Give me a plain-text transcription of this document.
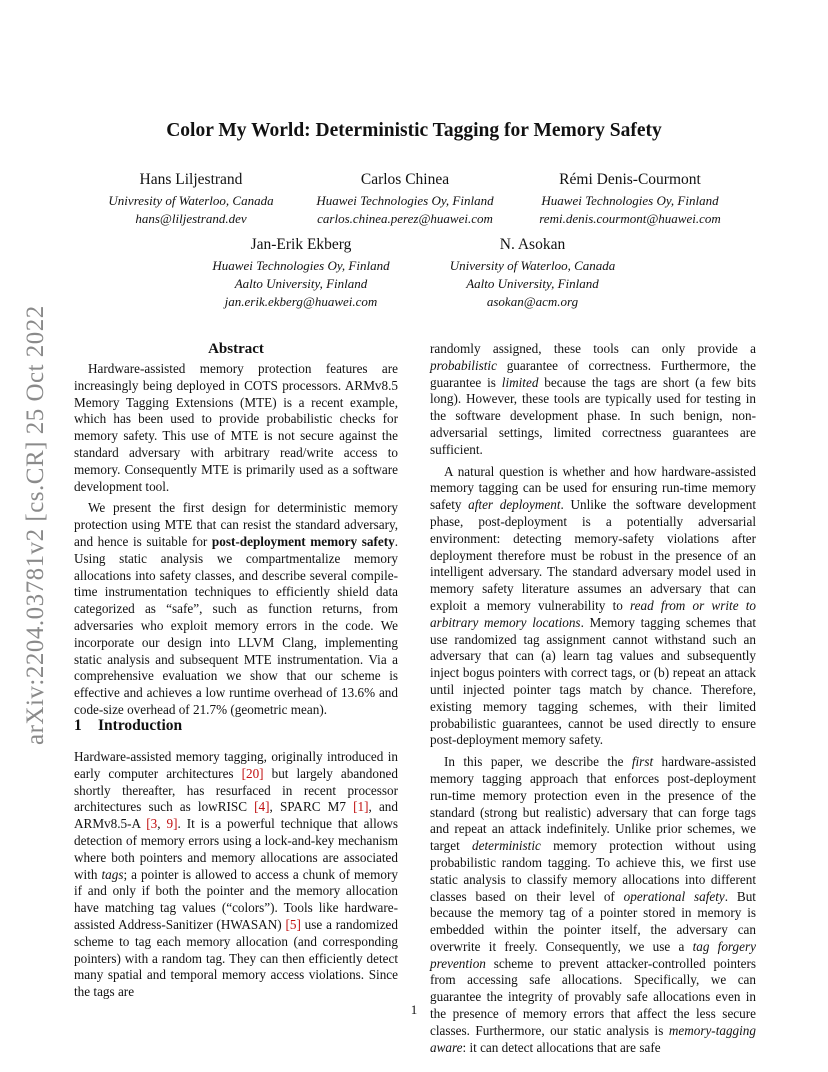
arXiv:2204.03781v2 [cs.CR] 25 Oct 2022
Color My World: Deterministic Tagging for Memory Safety
Hans Liljestrand
Univresity of Waterloo, Canada
hans@liljestrand.dev
Carlos Chinea
Huawei Technologies Oy, Finland
carlos.chinea.perez@huawei.com
Rémi Denis-Courmont
Huawei Technologies Oy, Finland
remi.denis.courmont@huawei.com
Jan-Erik Ekberg
Huawei Technologies Oy, Finland
Aalto University, Finland
jan.erik.ekberg@huawei.com
N. Asokan
University of Waterloo, Canada
Aalto University, Finland
asokan@acm.org
Abstract

Hardware-assisted memory protection features are increasingly being deployed in COTS processors. ARMv8.5 Memory Tagging Extensions (MTE) is a recent example, which has been used to provide probabilistic checks for memory safety. This use of MTE is not secure against the standard adversary with arbitrary read/write access to memory. Consequently MTE is primarily used as a software development tool.

We present the first design for deterministic memory protection using MTE that can resist the standard adversary, and hence is suitable for post-deployment memory safety. Using static analysis we compartmentalize memory allocations into safety classes, and describe several compile-time instrumentation techniques to efficiently shield data categorized as “safe”, such as function returns, from adversaries who exploit memory errors in the code. We incorporate our design into LLVM Clang, implementing static analysis and subsequent MTE instrumentation. Via a comprehensive evaluation we show that our scheme is effective and achieves a low runtime overhead of 13.6% and code-size overhead of 21.7% (geometric mean).

1 Introduction

Hardware-assisted memory tagging, originally introduced in early computer architectures [20] but largely abandoned shortly thereafter, has resurfaced in recent processor architectures such as lowRISC [4], SPARC M7 [1], and ARMv8.5-A [3, 9]. It is a powerful technique that allows detection of memory errors using a lock-and-key mechanism where both pointers and memory allocations are associated with tags; a pointer is allowed to access a chunk of memory if and only if both the pointer and the memory allocation have matching tag values (“colors”). Tools like hardware-assisted Address-Sanitizer (HWASAN) [5] use a randomized scheme to tag each memory allocation (and corresponding pointers) with a random tag. They can then efficiently detect many spatial and temporal memory access violations. Since the tags are

randomly assigned, these tools can only provide a probabilistic guarantee of correctness. Furthermore, the guarantee is limited because the tags are short (a few bits long). However, these tools are typically used for testing in the software development phase. In such benign, non-adversarial settings, limited correctness guarantees are sufficient.

A natural question is whether and how hardware-assisted memory tagging can be used for ensuring run-time memory safety after deployment. Unlike the software development phase, post-deployment is a potentially adversarial environment: detecting memory-safety violations after deployment therefore must be robust in the presence of an intelligent adversary. The standard adversary model used in memory safety literature assumes an adversary that can exploit a memory vulnerability to read from or write to arbitrary memory locations. Memory tagging schemes that use randomized tag assignment cannot withstand such an adversary that can (a) learn tag values and subsequently inject bogus pointers with correct tags, or (b) repeat an attack until injected pointer tags match by chance. Therefore, existing memory tagging schemes, with their limited probabilistic guarantees, cannot be used directly to ensure post-deployment memory safety.

In this paper, we describe the first hardware-assisted memory tagging approach that enforces post-deployment run-time memory protection even in the presence of the standard (strong but realistic) adversary that can forge tags and repeat an attack indefinitely. Unlike prior schemes, we target deterministic memory protection without using probabilistic random tagging. To achieve this, we first use static analysis to classify memory allocations into different classes based on their level of operational safety. But because the memory tag of a pointer stored in memory is embedded within the pointer itself, the adversary can overwrite it freely. Consequently, we use a tag forgery prevention scheme to prevent attacker-controlled pointers from accessing safe allocations. Specifically, we can guarantee the integrity of provably safe allocations even in the presence of memory errors that affect the less secure classes. Furthermore, our static analysis is memory-tagging aware: it can detect allocations that are safe

1
